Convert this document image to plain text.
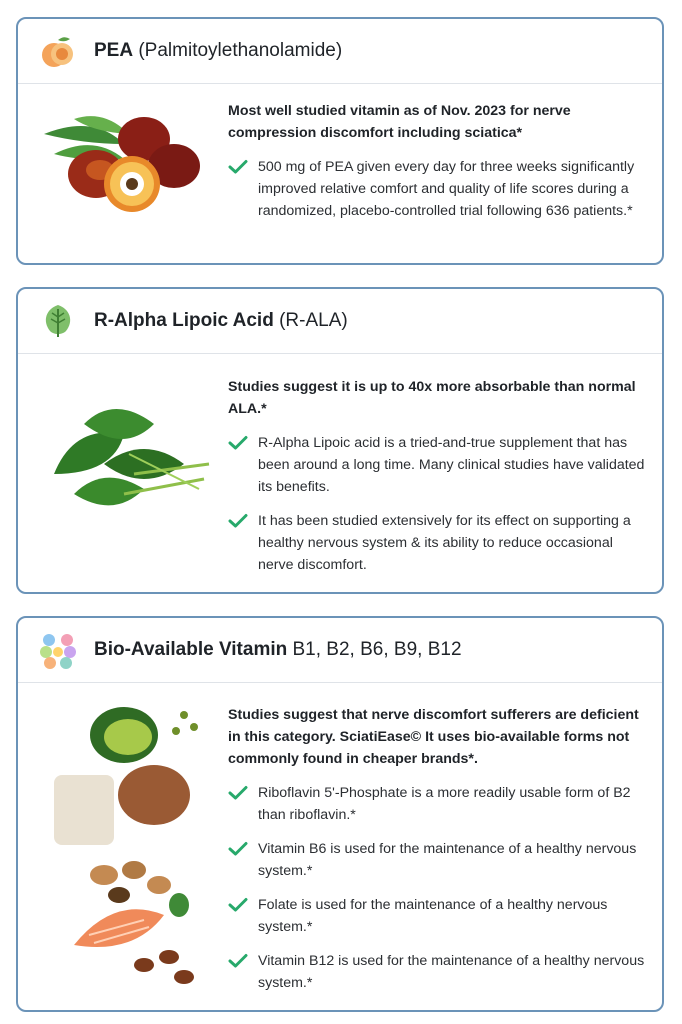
PEA (Palmitoylethanolamide)

Most well studied vitamin as of Nov. 2023 for nerve compression discomfort including sciatica*

500 mg of PEA given every day for three weeks significantly improved relative comfort and quality of life scores during a randomized, placebo-controlled trial following 636 patients.*
R-Alpha Lipoic Acid (R-ALA)

Studies suggest it is up to 40x more absorbable than normal ALA.*

R-Alpha Lipoic acid is a tried-and-true supplement that has been around a long time. Many clinical studies have validated its benefits.
It has been studied extensively for its effect on supporting a healthy nervous system & its ability to reduce occasional nerve discomfort.
Bio-Available Vitamin B1, B2, B6, B9, B12

Studies suggest that nerve discomfort sufferers are deficient in this category. SciatiEase© It uses bio-available forms not commonly found in cheaper brands*.

Riboflavin 5'-Phosphate is a more readily usable form of B2 than riboflavin.*
Vitamin B6 is used for the maintenance of a healthy nervous system.*
Folate is used for the maintenance of a healthy nervous system.*
Vitamin B12 is used for the maintenance of a healthy nervous system.*
